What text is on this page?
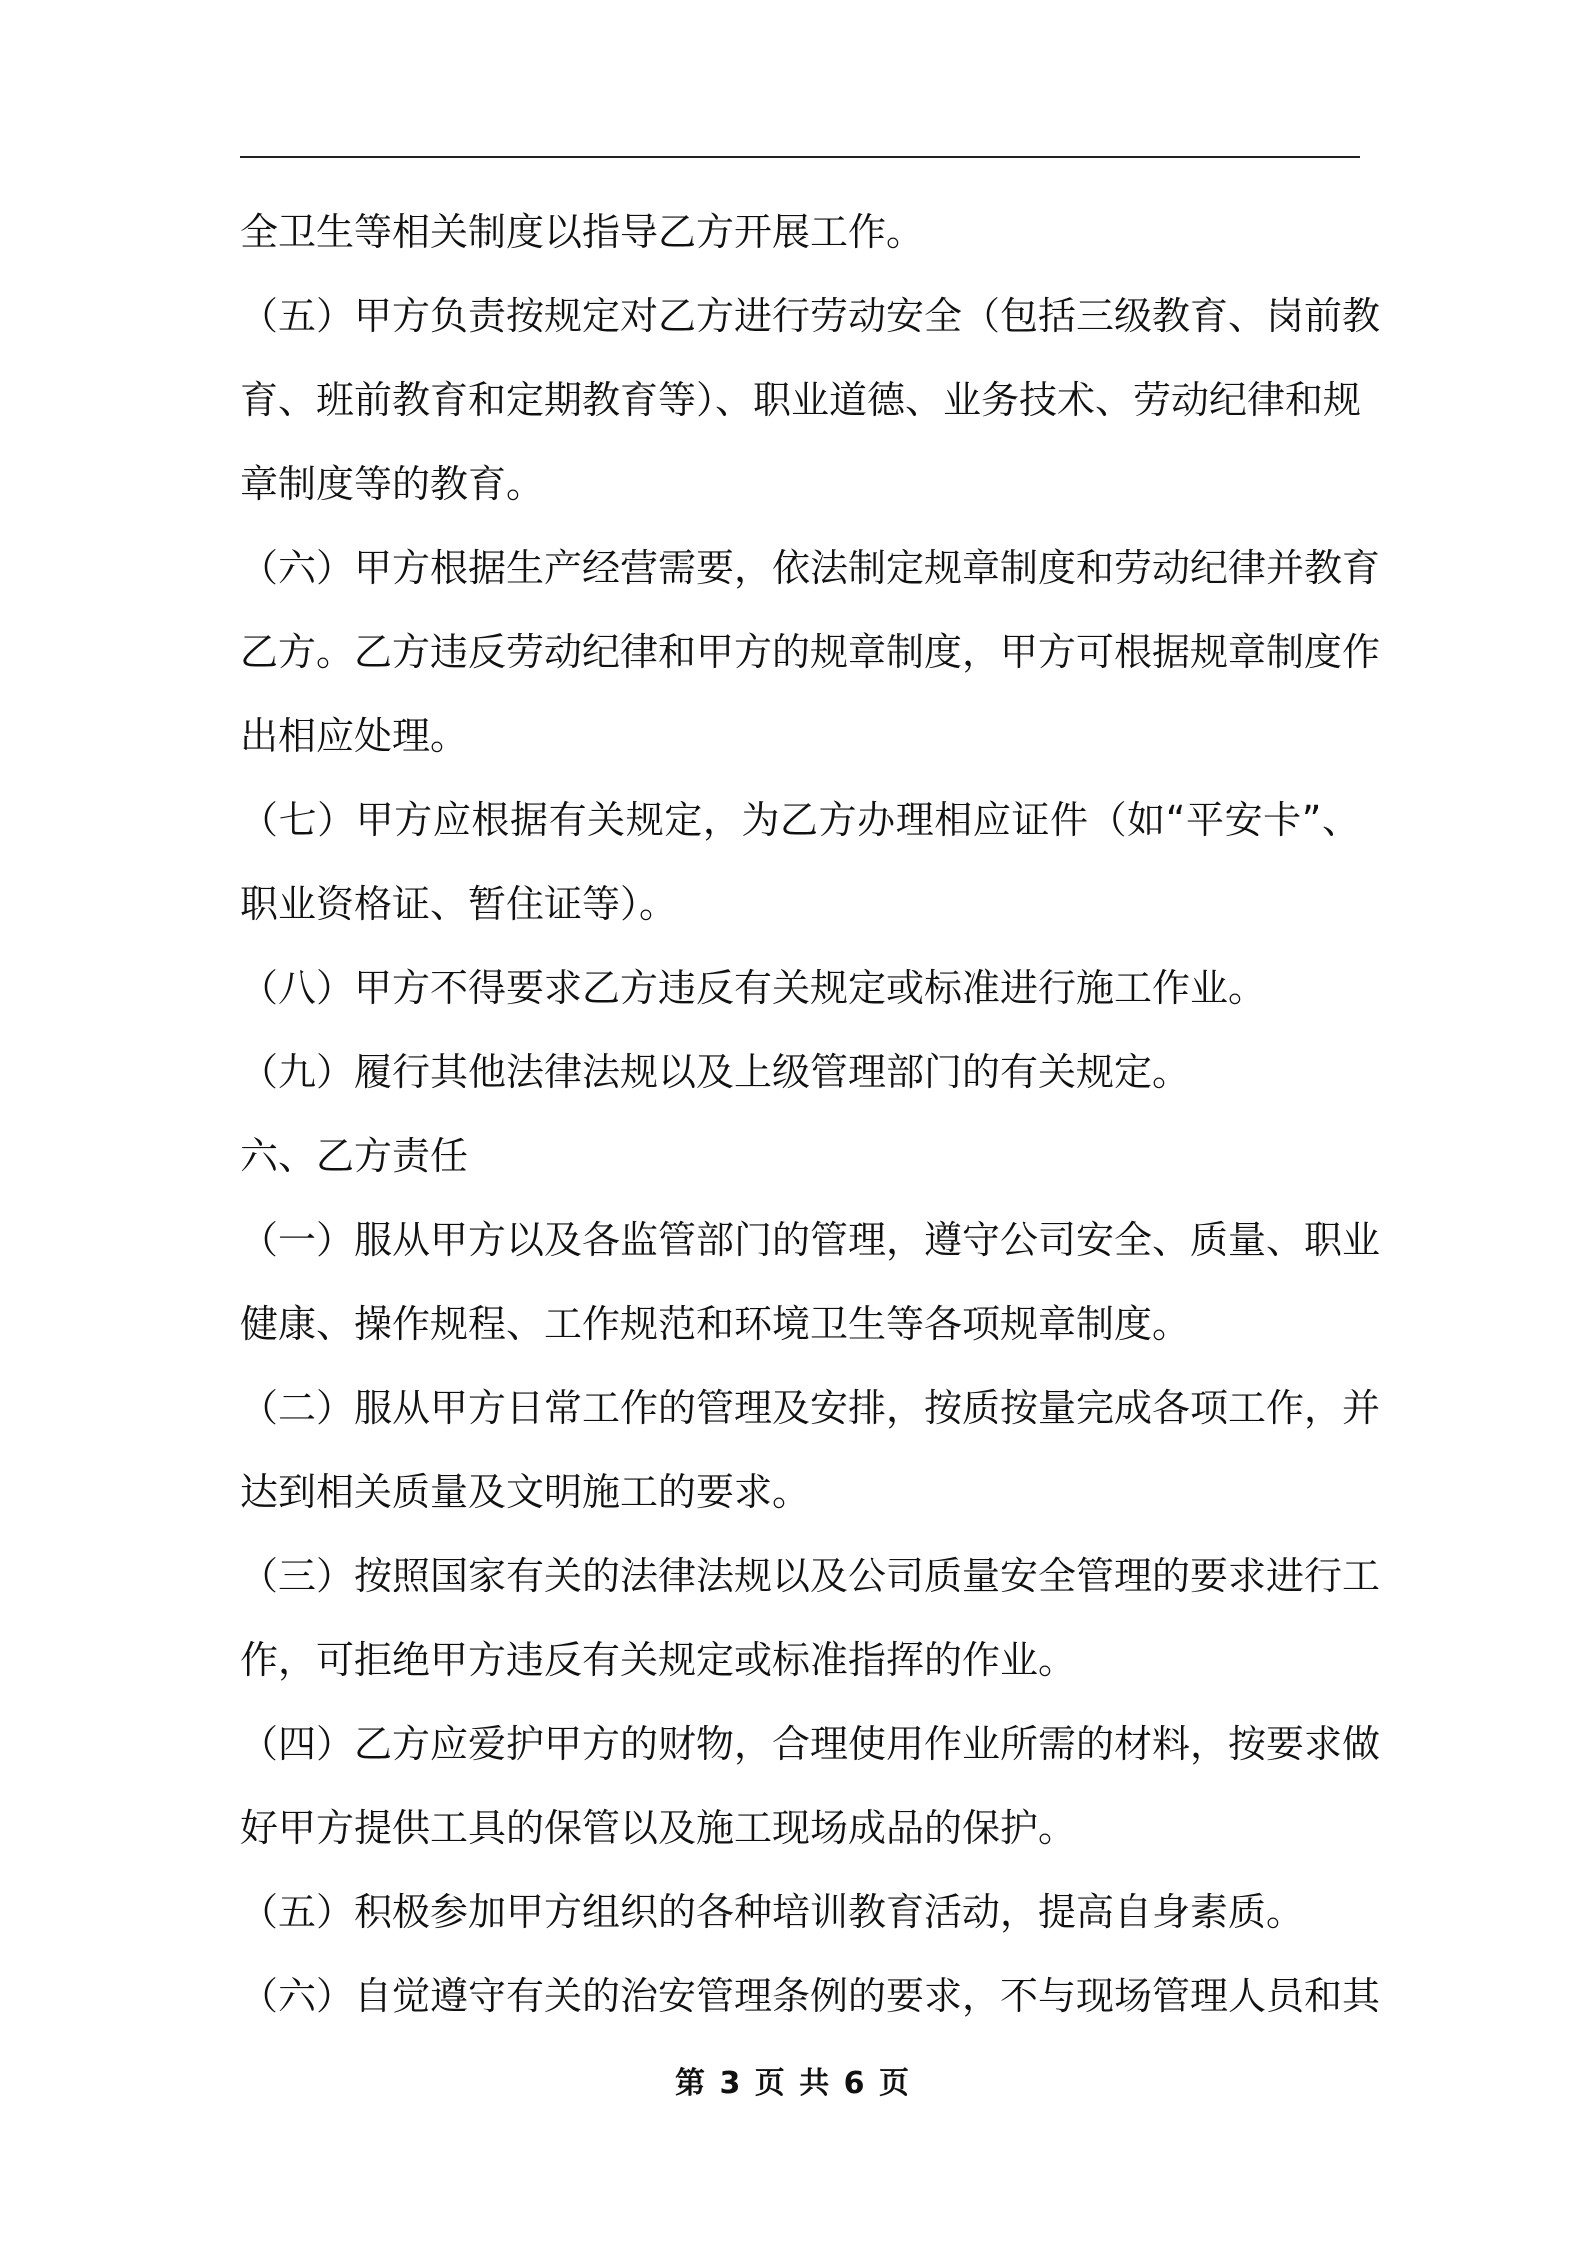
全卫生等相关制度以指导乙方开展工作。
（五）甲方负责按规定对乙方进行劳动安全（包括三级教育、岗前教
育、班前教育和定期教育等）、职业道德、业务技术、劳动纪律和规
章制度等的教育。
（六）甲方根据生产经营需要，依法制定规章制度和劳动纪律并教育
乙方。乙方违反劳动纪律和甲方的规章制度，甲方可根据规章制度作
出相应处理。
（七）甲方应根据有关规定，为乙方办理相应证件（如“平安卡”、
职业资格证、暂住证等）。
（八）甲方不得要求乙方违反有关规定或标准进行施工作业。
（九）履行其他法律法规以及上级管理部门的有关规定。
六、乙方责任
（一）服从甲方以及各监管部门的管理，遵守公司安全、质量、职业
健康、操作规程、工作规范和环境卫生等各项规章制度。
（二）服从甲方日常工作的管理及安排，按质按量完成各项工作，并
达到相关质量及文明施工的要求。
（三）按照国家有关的法律法规以及公司质量安全管理的要求进行工
作，可拒绝甲方违反有关规定或标准指挥的作业。
（四）乙方应爱护甲方的财物，合理使用作业所需的材料，按要求做
好甲方提供工具的保管以及施工现场成品的保护。
（五）积极参加甲方组织的各种培训教育活动，提高自身素质。
（六）自觉遵守有关的治安管理条例的要求，不与现场管理人员和其
第 3 页 共 6 页
